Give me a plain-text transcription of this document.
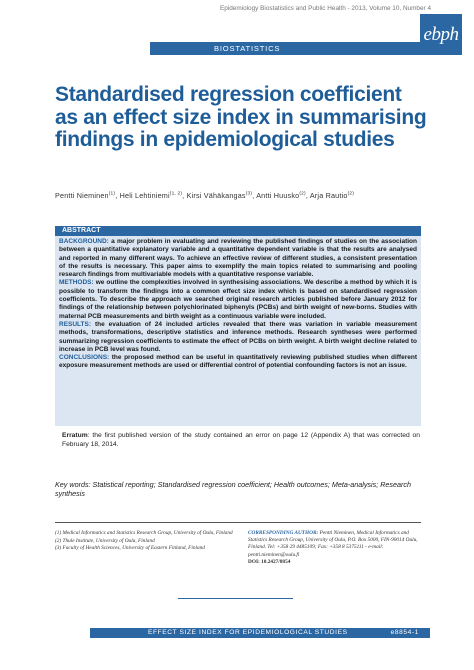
Epidemiology Biostatistics and Public Health - 2013, Volume 10, Number 4
BIOSTATISTICS
ebph
Standardised regression coefficient
as an effect size index in summarising
findings in epidemiological studies
Pentti Nieminen$^{(1)}$, Heli Lehtiniemi$^{(1, 2)}$, Kirsi Vähäkangas$^{(3)}$, Antti Huusko$^{(2)}$, Arja Rautio$^{(2)}$
ABSTRACT

BACKGROUND: a major problem in evaluating and reviewing the published findings of studies on the association between a quantitative explanatory variable and a quantitative dependent variable is that the results are analysed and reported in many different ways. To achieve an effective review of different studies, a consistent presentation of the results is necessary. This paper aims to exemplify the main topics related to summarising and pooling research findings from multivariable models with a quantitative response variable.

METHODS: we outline the complexities involved in synthesising associations. We describe a method by which it is possible to transform the findings into a common effect size index which is based on standardised regression coefficients. To describe the approach we searched original research articles published before January 2012 for findings of the relationship between polychlorinated biphenyls (PCBs) and birth weight of new-borns. Studies with maternal PCB measurements and birth weight as a continuous variable were included.

RESULTS: the evaluation of 24 included articles revealed that there was variation in variable measurement methods, transformations, descriptive statistics and inference methods. Research syntheses were performed summarizing regression coefficients to estimate the effect of PCBs on birth weight. A birth weight decline related to increase in PCB level was found.

CONCLUSIONS: the proposed method can be useful in quantitatively reviewing published studies when different exposure measurement methods are used or differential control of potential confounding factors is not an issue.

Erratum: the first published version of the study contained an error on page 12 (Appendix A) that was corrected on February 18, 2014.
Key words: Statistical reporting; Standardised regression coefficient; Health outcomes; Meta-analysis; Research synthesis
(1) Medical Informatics and Statistics Research Group, University of Oulu, Finland
(2) Thule Institute, University of Oulu, Finland
(3) Faculty of Health Sciences, University of Eastern Finland, Finland
CORRESPONDING AUTHOR: Pentti Nieminen, Medical Informatics and Statistics Research Group, University of Oulu, P.O. Box 5000, FIN-90014 Oulu, Finland. Tel: +358 29 4485109; Fax: +358 8 5375111 - e-mail: pentti.nieminen@oulu.fi
DOI: 10.2427/8854
EFFECT SIZE INDEX FOR EPIDEMIOLOGICAL STUDIES	e8854-1
